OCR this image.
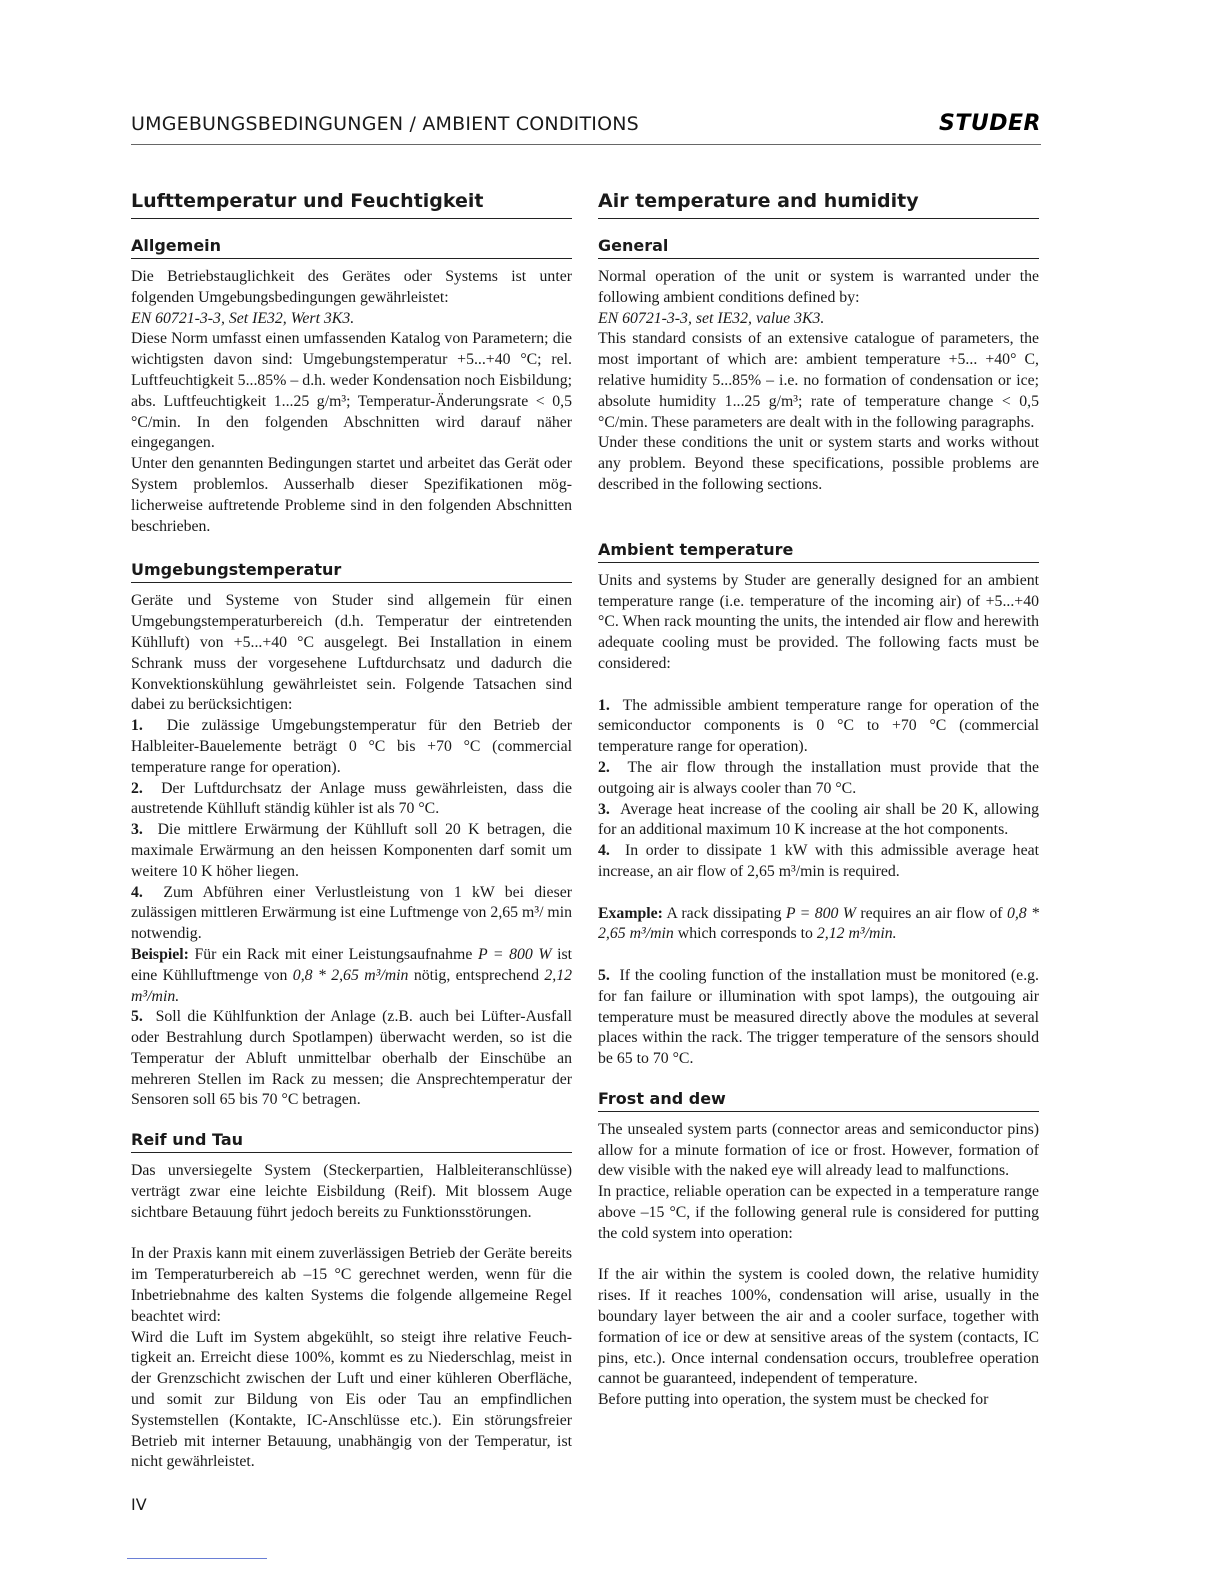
UMGEBUNGSBEDINGUNGEN / AMBIENT CONDITIONS	STUDER
Lufttemperatur und Feuchtigkeit
Allgemein

Die Betriebstauglichkeit des Gerätes oder Systems ist unter folgenden Umgebungsbedingungen gewährleistet:

EN 60721-3-3, Set IE32, Wert 3K3.

Diese Norm umfasst einen umfassenden Katalog von Parametern; die wichtigsten davon sind: Umgebungstemperatur +5...+40 °C; rel. Luftfeuchtigkeit 5...85% – d.h. weder Kondensation noch Eisbildung; abs. Luftfeuchtigkeit 1...25 g/m³; Temperatur-Änderungsrate < 0,5 °C/min. In den folgenden Abschnitten wird darauf näher eingegangen.

Unter den genannten Bedingungen startet und arbeitet das Gerät oder System problemlos. Ausserhalb dieser Spezifikationen möglicherweise auftretende Probleme sind in den folgenden Abschnitten beschrieben.

Umgebungstemperatur

Geräte und Systeme von Studer sind allgemein für einen Umgebungstemperaturbereich (d.h. Temperatur der eintretenden Kühlluft) von +5...+40 °C ausgelegt. Bei Installation in einem Schrank muss der vorgesehene Luftdurchsatz und dadurch die Konvektionskühlung gewährleistet sein. Folgende Tatsachen sind dabei zu berücksichtigen:

1. Die zulässige Umgebungstemperatur für den Betrieb der Halbleiter-Bauelemente beträgt 0 °C bis +70 °C (commercial temperature range for operation).

2. Der Luftdurchsatz der Anlage muss gewährleisten, dass die austretende Kühlluft ständig kühler ist als 70 °C.

3. Die mittlere Erwärmung der Kühlluft soll 20 K betragen, die maximale Erwärmung an den heissen Komponenten darf somit um weitere 10 K höher liegen.

4. Zum Abführen einer Verlustleistung von 1 kW bei dieser zulässigen mittleren Erwärmung ist eine Luftmenge von 2,65 m³/ min notwendig.

Beispiel: Für ein Rack mit einer Leistungsaufnahme P = 800 W ist eine Kühlluftmenge von 0,8 * 2,65 m³/min nötig, entsprechend 2,12 m³/min.

5. Soll die Kühlfunktion der Anlage (z.B. auch bei Lüfter-Ausfall oder Bestrahlung durch Spotlampen) überwacht werden, so ist die Temperatur der Abluft unmittelbar oberhalb der Einschübe an mehreren Stellen im Rack zu messen; die Ansprechtemperatur der Sensoren soll 65 bis 70 °C betragen.

Reif und Tau

Das unversiegelte System (Steckerpartien, Halbleiteranschlüsse) verträgt zwar eine leichte Eisbildung (Reif). Mit blossem Auge sichtbare Betauung führt jedoch bereits zu Funktionsstörungen.

In der Praxis kann mit einem zuverlässigen Betrieb der Geräte bereits im Temperaturbereich ab –15 °C gerechnet werden, wenn für die Inbetriebnahme des kalten Systems die folgende allgemeine Regel beachtet wird:

Wird die Luft im System abgekühlt, so steigt ihre relative Feuchtigkeit an. Erreicht diese 100%, kommt es zu Niederschlag, meist in der Grenzschicht zwischen der Luft und einer kühleren Oberfläche, und somit zur Bildung von Eis oder Tau an empfindlichen Systemstellen (Kontakte, IC-Anschlüsse etc.). Ein störungsfreier Betrieb mit interner Betauung, unabhängig von der Temperatur, ist nicht gewährleistet.

Air temperature and humidity
General

Normal operation of the unit or system is warranted under the following ambient conditions defined by:

EN 60721-3-3, set IE32, value 3K3.

This standard consists of an extensive catalogue of parameters, the most important of which are: ambient temperature +5... +40° C, relative humidity 5...85% – i.e. no formation of condensation or ice; absolute humidity 1...25 g/m³; rate of temperature change < 0,5 °C/min. These parameters are dealt with in the following paragraphs.

Under these conditions the unit or system starts and works without any problem. Beyond these specifications, possible problems are described in the following sections.

Ambient temperature

Units and systems by Studer are generally designed for an ambient temperature range (i.e. temperature of the incoming air) of +5...+40 °C. When rack mounting the units, the intended air flow and herewith adequate cooling must be provided. The following facts must be considered:

1. The admissible ambient temperature range for operation of the semiconductor components is 0 °C to +70 °C (commercial temperature range for operation).

2. The air flow through the installation must provide that the outgoing air is always cooler than 70 °C.

3. Average heat increase of the cooling air shall be 20 K, allowing for an additional maximum 10 K increase at the hot components.

4. In order to dissipate 1 kW with this admissible average heat increase, an air flow of 2,65 m³/min is required.

Example: A rack dissipating P = 800 W requires an air flow of 0,8 * 2,65 m³/min which corresponds to 2,12 m³/min.

5. If the cooling function of the installation must be monitored (e.g. for fan failure or illumination with spot lamps), the outgouing air temperature must be measured directly above the modules at several places within the rack. The trigger temperature of the sensors should be 65 to 70 °C.

Frost and dew

The unsealed system parts (connector areas and semiconductor pins) allow for a minute formation of ice or frost. However, formation of dew visible with the naked eye will already lead to malfunctions.

In practice, reliable operation can be expected in a temperature range above –15 °C, if the following general rule is considered for putting the cold system into operation:

If the air within the system is cooled down, the relative humidity rises. If it reaches 100%, condensation will arise, usually in the boundary layer between the air and a cooler surface, together with formation of ice or dew at sensitive areas of the system (contacts, IC pins, etc.). Once internal condensation occurs, troublefree operation cannot be guaranteed, independent of temperature.

Before putting into operation, the system must be checked for

IV
